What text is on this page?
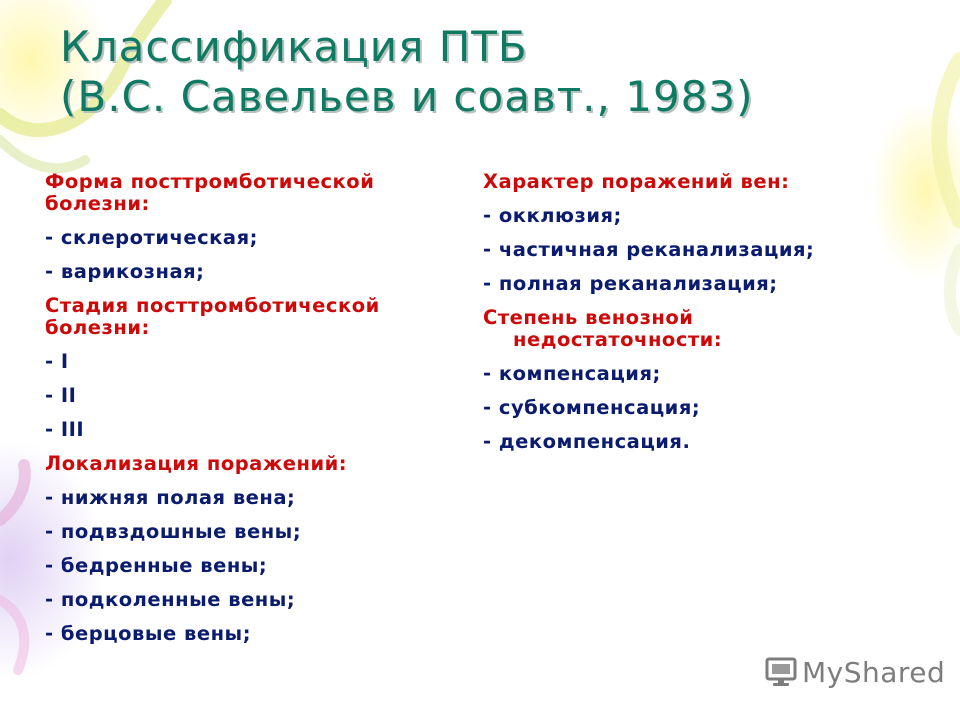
Классификация ПТБ
(В.С. Савельев и соавт., 1983)
Форма посттромботической болезни:
- склеротическая;
- варикозная;
Стадия посттромботической болезни:
- I
- II
- III
Локализация поражений:
- нижняя полая вена;
- подвздошные вены;
- бедренные вены;
- подколенные вены;
- берцовые вены;
Характер поражений вен:
- окклюзия;
- частичная реканализация;
- полная реканализация;
Степень венозной
недостаточности:
- компенсация;
- субкомпенсация;
- декомпенсация.
MyShared
